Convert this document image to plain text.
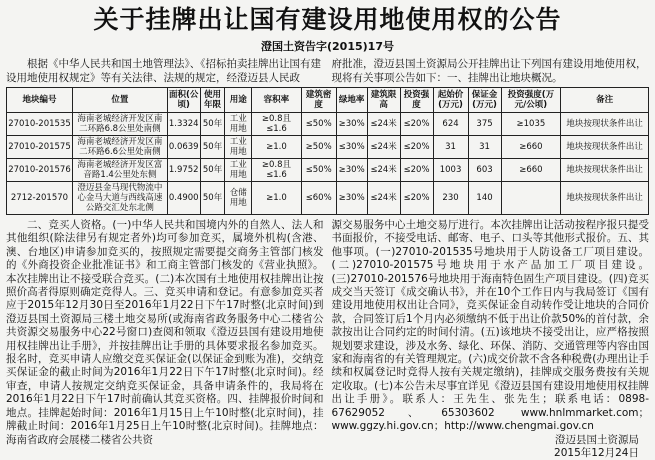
关于挂牌出让国有建设用地使用权的公告
澄国土资告字(2015)17号

根据《中华人民共和国土地管理法》、《招标拍卖挂牌出让国有建设用地使用权规定》等有关法律、法规的规定，经澄迈县人民政

府批准，澄迈县国土资源局公开挂牌出让下列国有建设用地使用权，现将有关事项公告如下：一、挂牌出让地块概况。

地块编号	位置	面积(公顷)	使用年限	用途	容积率	建筑密度	绿地率	建筑限高	投资强度	起始价(万元)	保证金(万元)	投资强度(万元/公顷)	备注
27010-201535	海南老城经济开发区南二环路6.8公里处南侧	1.3324	50年	工业用地	≥0.8且≤1.6	≤50%	≥30%	≤24米	≤20%	624	375	≥1035	地块按现状条件出让
27010-201575	海南老城经济开发区南二环路6.6公里处南侧	0.0639	50年	工业用地	≥1.0	≥50%	≤30%	≤24米	≤20%	31	31	≥660	地块按现状条件出让
27010-201576	海南老城经济开发区富音路1.4公里处东侧	1.9752	50年	工业用地	≥0.8且≤1.6	≤50%	≥30%	≤24米	≤20%	1003	603	≥660	地块按现状条件出让
2712-201570	澄迈县金马现代物流中心金马大道与西线高速公路交汇处东北侧	0.4900	50年	仓储用地	≥1.0	≤60%	≥30%	≤24米	≤20%	230	140		地块按现状条件出让

二、竞买人资格。(一)中华人民共和国境内外的自然人、法人和其他组织(除法律另有规定者外)均可参加竞买，属境外机构(含港、澳、台地区)申请参加竞买的，按照规定需要提交商务主管部门核发的《外商投资企业批准证书》和工商主管部门核发的《营业执照》。本次挂牌出让不接受联合竞买。(二)本次国有土地使用权挂牌出让按照价高者得原则确定竞得人。三、竞买申请和登记。有意参加竞买者应于2015年12月30日至2016年1月22日下午17时整(北京时间)到澄迈县国土资源局三楼土地交易所(或海南省政务服务中心二楼省公共资源交易服务中心22号窗口)查阅和领取《澄迈县国有建设用地使用权挂牌出让手册》，并按挂牌出让手册的具体要求报名参加竞买。报名时，竞买申请人应缴交竞买保证金(以保证金到账为准)，交纳竞买保证金的截止时间为2016年1月22日下午17时整(北京时间)。经审查，申请人按规定交纳竞买保证金，具备申请条件的，我局将在2016年1月22日下午17时前确认其竞买资格。四、挂牌报价时间和地点。挂牌起始时间：2016年1月15日上午10时整(北京时间)，挂牌截止时间：2016年1月25日上午10时整(北京时间)。挂牌地点：海南省政府会展楼二楼省公共资

源交易服务中心土地交易厅进行。本次挂牌出让活动按程序报只提受书面报价，不接受电话、邮寄、电子、口头等其他形式报价。五、其他事项。(一)27010-201535号地块用于人防设备工厂项目建设。(二)27010-201575号地块用于水产品加工厂项目建设。(三)27010-201576号地块用于海南特色固生产项目建设。(四)竞买成交当天签订《成交确认书》，并在10个工作日内与我局签订《国有建设用地使用权出让合同》，竞买保证金自动转作受让地块的合同价款，合同签订后1个月内必须缴纳不低于出让价款50%的首付款，余款按出让合同约定的时间付清。(五)该地块不接受出让，应严格按照规划要求建设，涉及水务、绿化、环保、消防、交通管理等内容由国家和海南省的有关管理规定。(六)成交价款不含各种税费(办理出让手续和权属登记时竞得人按有关规定缴纳)，挂牌成交服务费按有关规定收取。(七)本公告未尽事宜详见《澄迈县国有建设用地使用权挂牌出让手册》。联系人：王先生、张先生；联系电话：0898-67629052、65303602 www.hnlmmarket.com；www.ggzy.hi.gov.cn；http://www.chengmai.gov.cn

澄迈县国土资源局
2015年12月24日
